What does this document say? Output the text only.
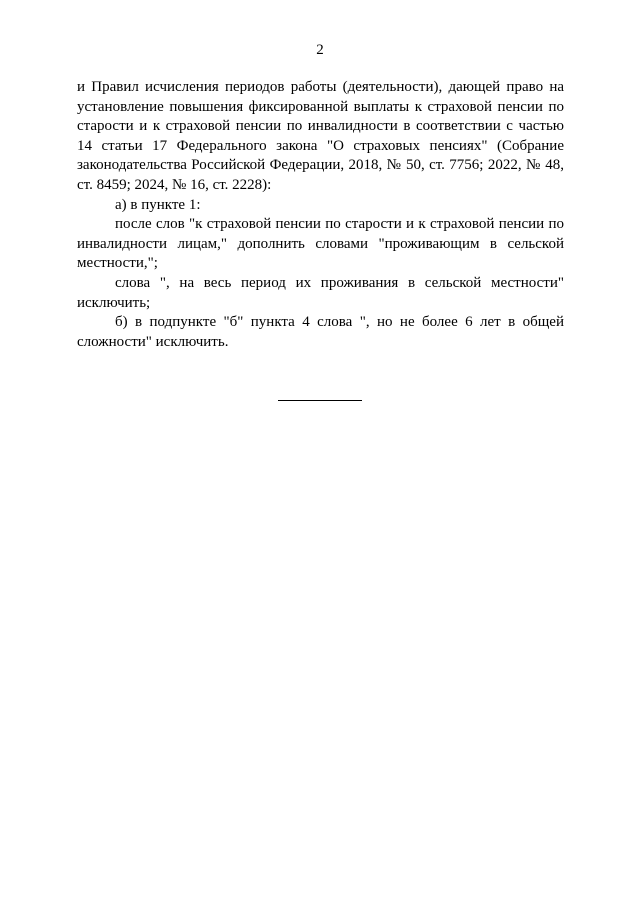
2

и Правил исчисления периодов работы (деятельности), дающей право на установление повышения фиксированной выплаты к страховой пенсии по старости и к страховой пенсии по инвалидности в соответствии с частью 14 статьи 17 Федерального закона "О страховых пенсиях" (Собрание законодательства Российской Федерации, 2018, № 50, ст. 7756; 2022, № 48, ст. 8459; 2024, № 16, ст. 2228):

а) в пункте 1:

после слов "к страховой пенсии по старости и к страховой пенсии по инвалидности лицам," дополнить словами "проживающим в сельской местности,";

слова ", на весь период их проживания в сельской местности" исключить;

б) в подпункте "б" пункта 4 слова ", но не более 6 лет в общей сложности" исключить.
